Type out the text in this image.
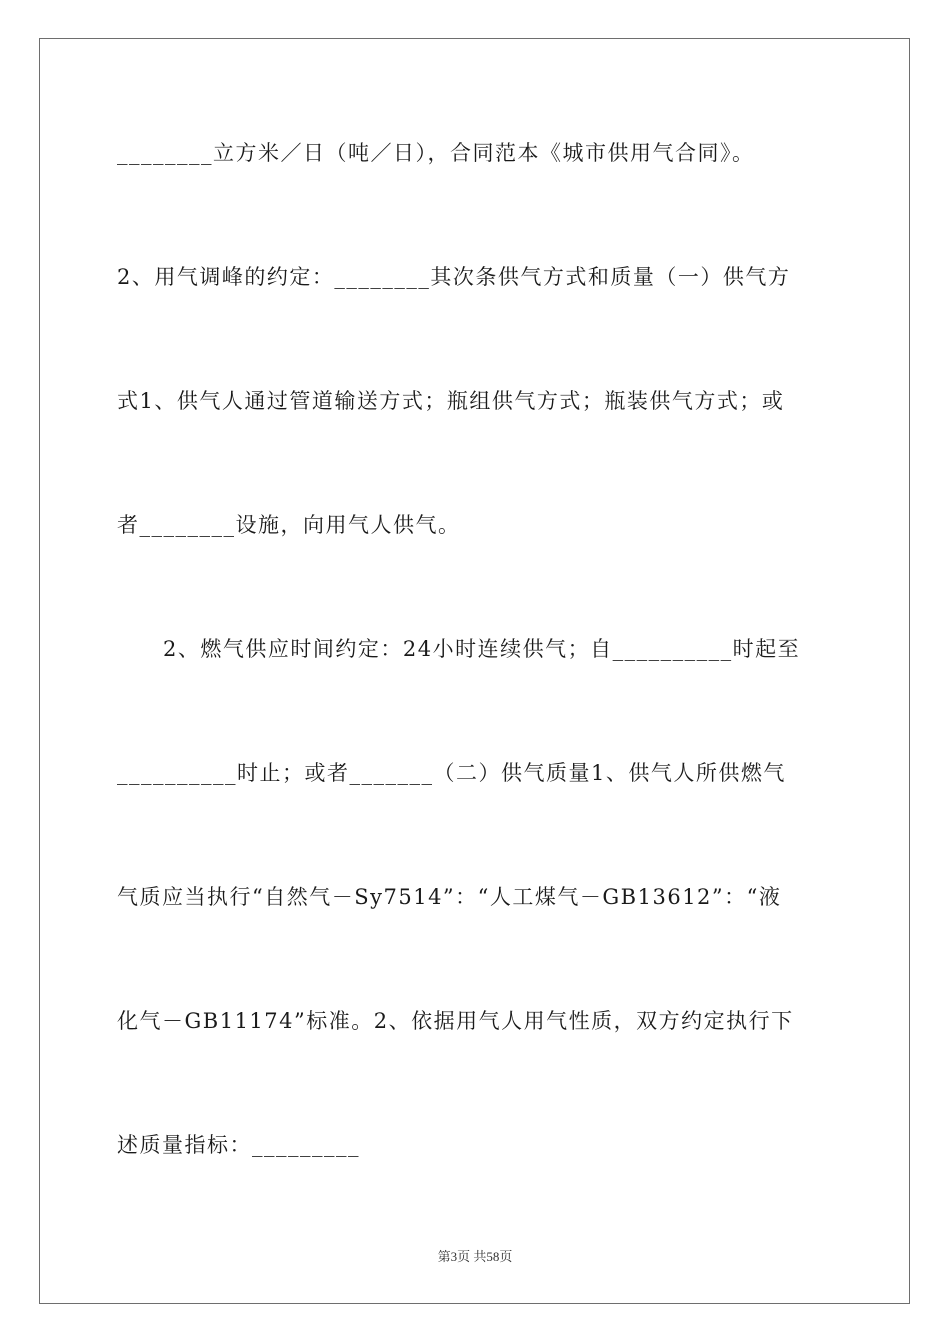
________立方米／日（吨／日），合同范本《城市供用气合同》。
2、用气调峰的约定：________其次条供气方式和质量（一）供气方
式1、供气人通过管道输送方式；瓶组供气方式；瓶装供气方式；或
者________设施，向用气人供气。
2、燃气供应时间约定：24小时连续供气；自__________时起至
__________时止；或者_______（二）供气质量1、供气人所供燃气
气质应当执行“自然气－Sy7514”：“人工煤气－GB13612”：“液
化气－GB11174”标准。2、依据用气人用气性质，双方约定执行下
述质量指标：_________
第3页 共58页
